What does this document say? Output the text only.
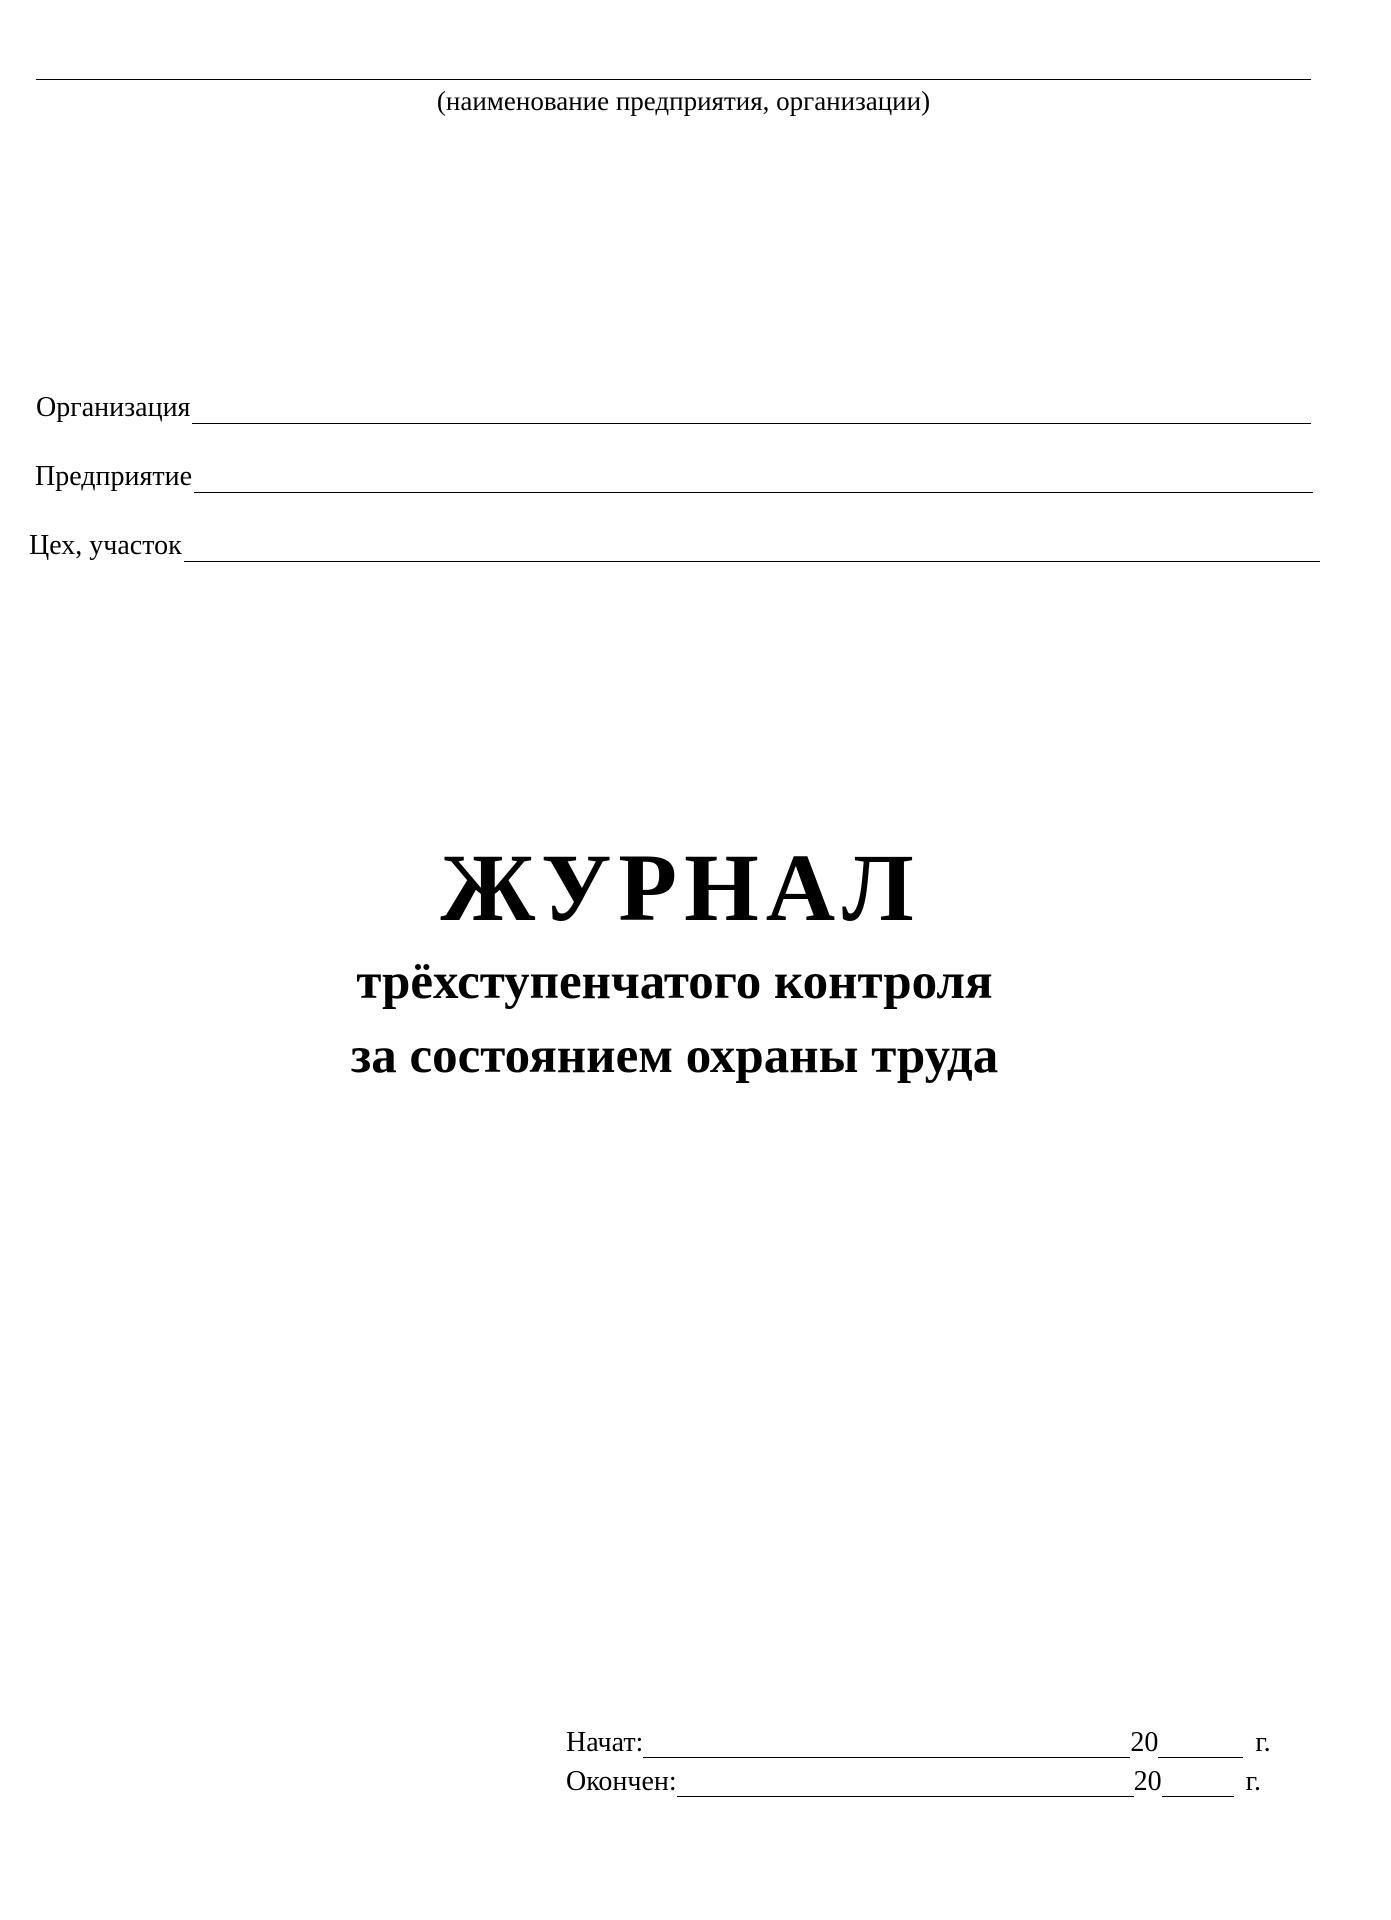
(наименование предприятия, организации)
Организация
Предприятие
Цех, участок
ЖУРНАЛ
трёхступенчатого контроля
за состоянием охраны труда
Начат:	20	г.
Окончен:	20	г.
